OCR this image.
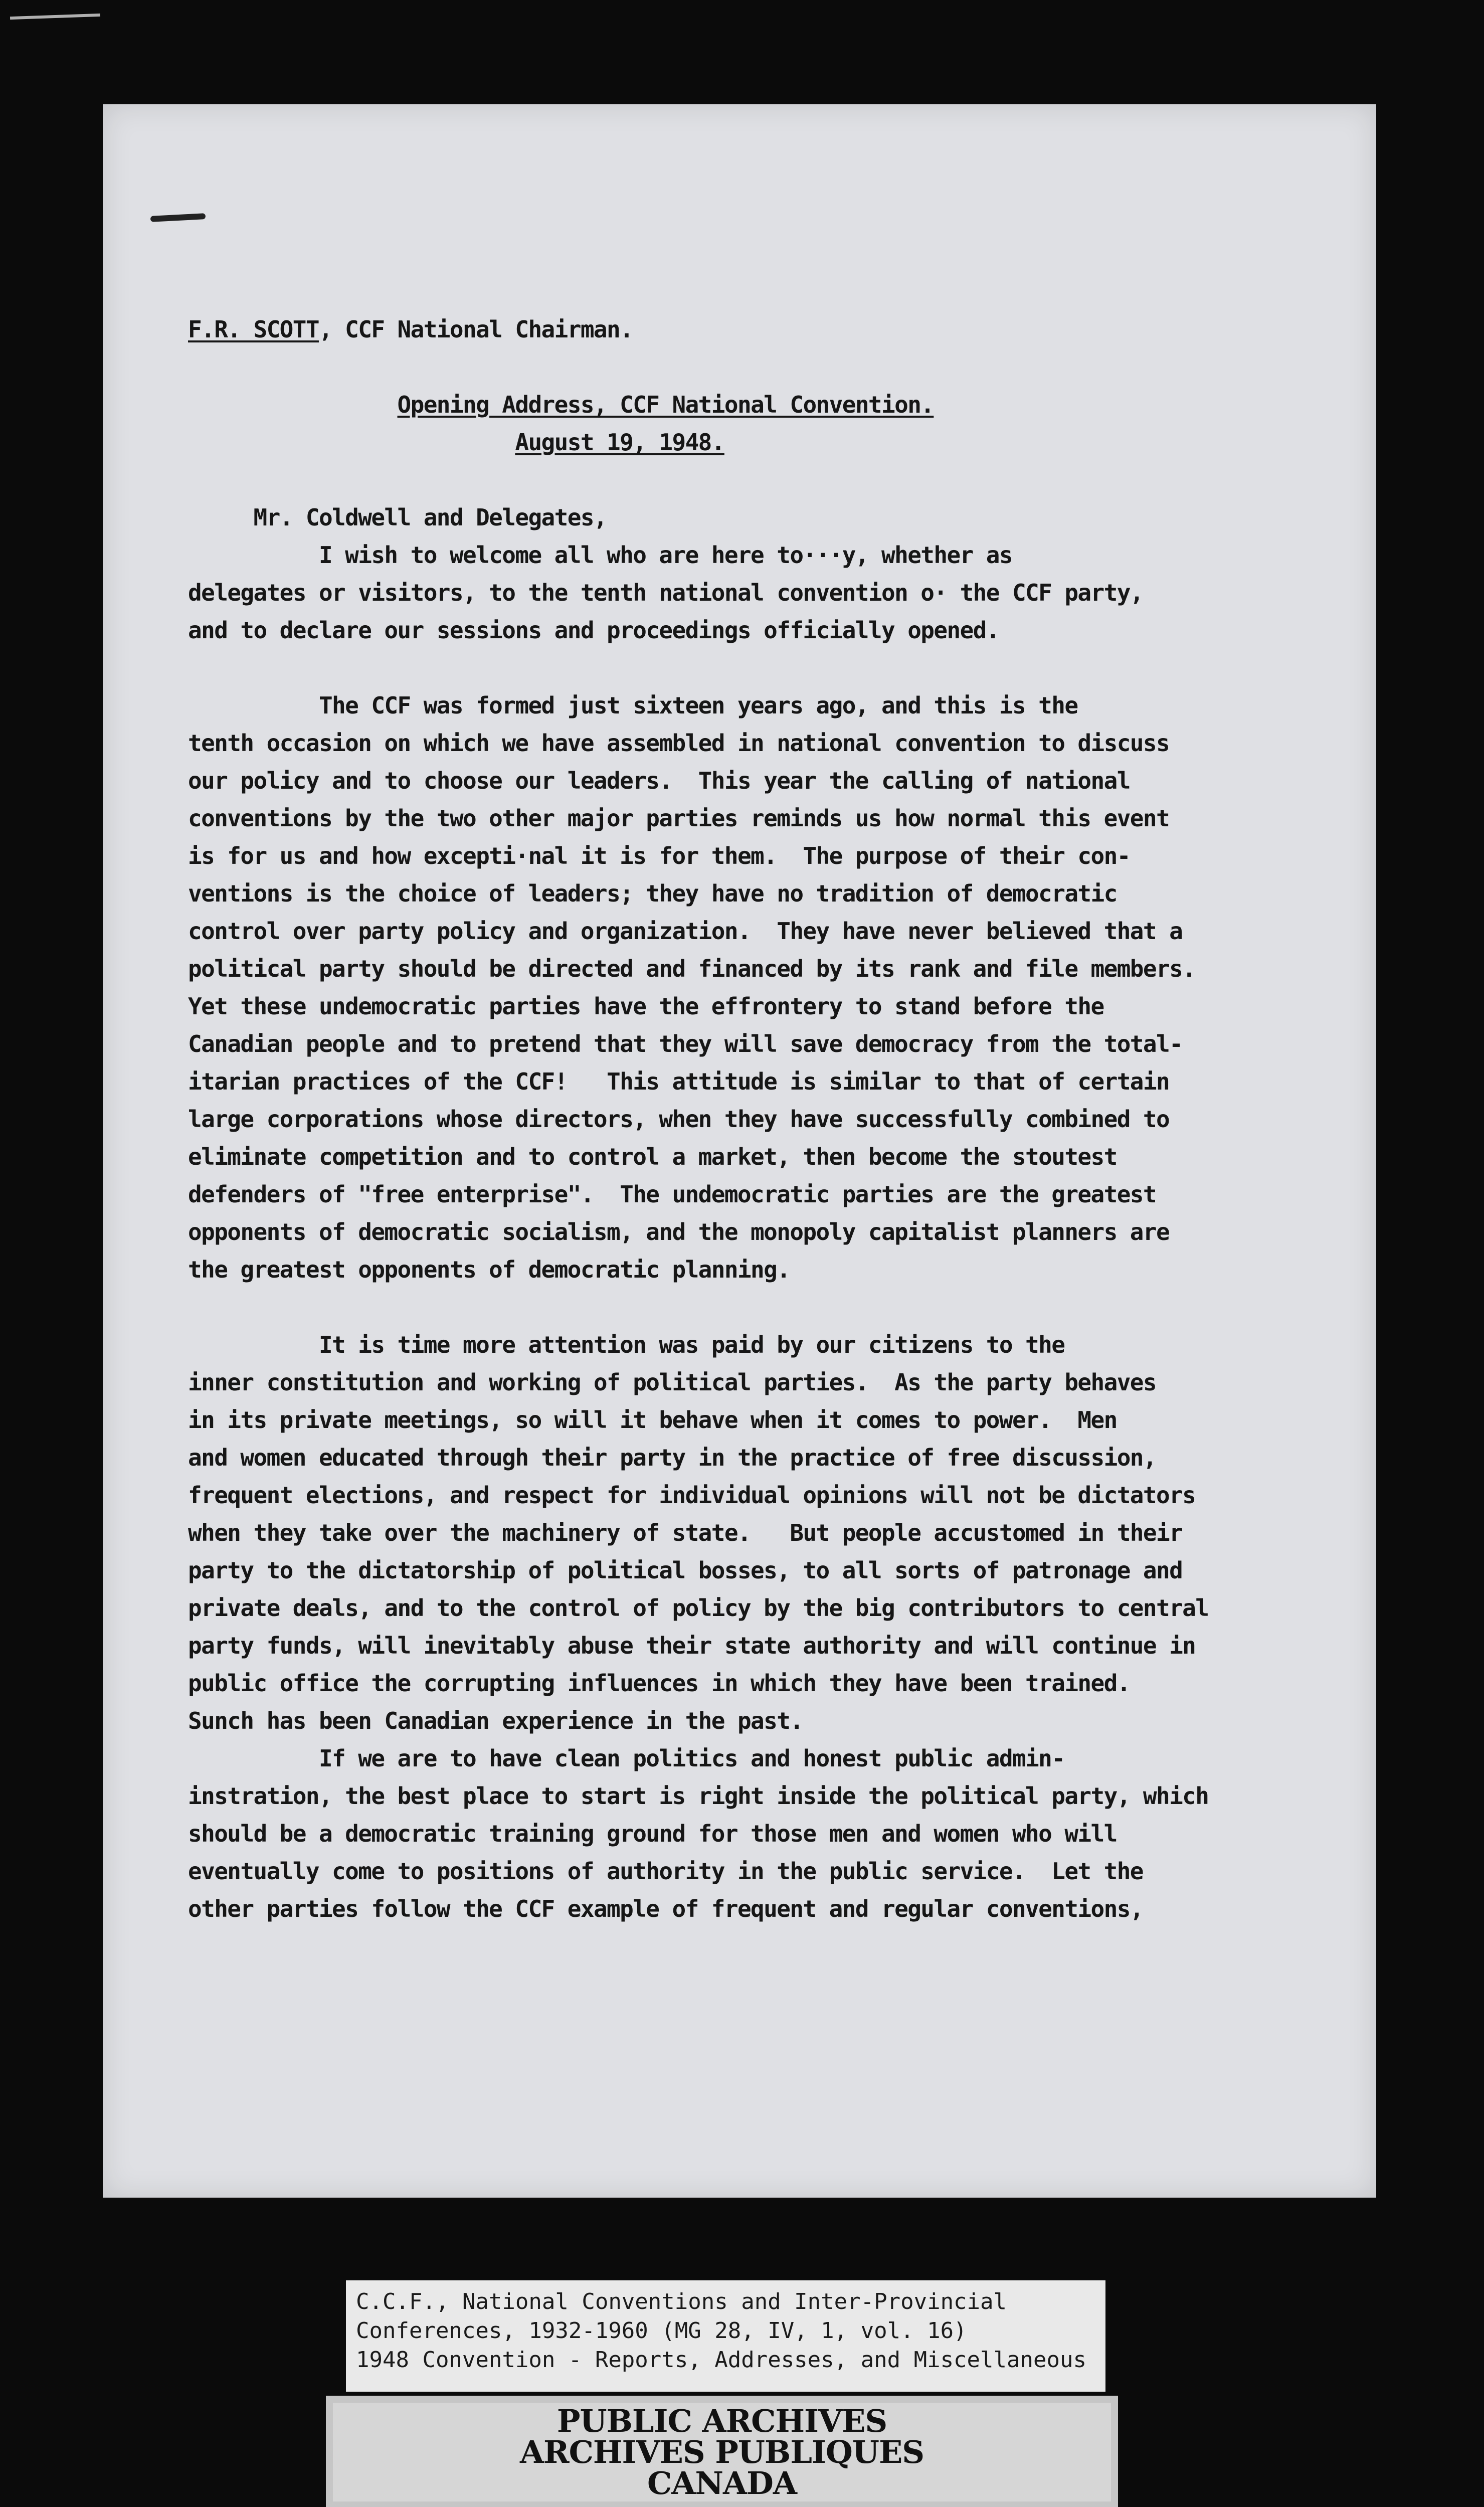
F.R. SCOTT, CCF National Chairman.
Opening Address, CCF National Convention.
August 19, 1948.
Mr. Coldwell and Delegates,
I wish to welcome all who are here to···y, whether as
delegates or visitors, to the tenth national convention o· the CCF party,
and to declare our sessions and proceedings officially opened.
The CCF was formed just sixteen years ago, and this is the
tenth occasion on which we have assembled in national convention to discuss
our policy and to choose our leaders.  This year the calling of national
conventions by the two other major parties reminds us how normal this event
is for us and how excepti·nal it is for them.  The purpose of their con-
ventions is the choice of leaders; they have no tradition of democratic
control over party policy and organization.  They have never believed that a
political party should be directed and financed by its rank and file members.
Yet these undemocratic parties have the effrontery to stand before the
Canadian people and to pretend that they will save democracy from the total-
itarian practices of the CCF!   This attitude is similar to that of certain
large corporations whose directors, when they have successfully combined to
eliminate competition and to control a market, then become the stoutest
defenders of "free enterprise".  The undemocratic parties are the greatest
opponents of democratic socialism, and the monopoly capitalist planners are
the greatest opponents of democratic planning.
It is time more attention was paid by our citizens to the
inner constitution and working of political parties.  As the party behaves
in its private meetings, so will it behave when it comes to power.  Men
and women educated through their party in the practice of free discussion,
frequent elections, and respect for individual opinions will not be dictators
when they take over the machinery of state.   But people accustomed in their
party to the dictatorship of political bosses, to all sorts of patronage and
private deals, and to the control of policy by the big contributors to central
party funds, will inevitably abuse their state authority and will continue in
public office the corrupting influences in which they have been trained.
Sunch has been Canadian experience in the past.
If we are to have clean politics and honest public admin-
instration, the best place to start is right inside the political party, which
should be a democratic training ground for those men and women who will
eventually come to positions of authority in the public service.  Let the
other parties follow the CCF example of frequent and regular conventions,
C.C.F., National Conventions and Inter-Provincial
Conferences, 1932-1960 (MG 28, IV, 1, vol. 16)
1948 Convention - Reports, Addresses, and Miscellaneous
PUBLIC ARCHIVES
ARCHIVES PUBLIQUES
CANADA
